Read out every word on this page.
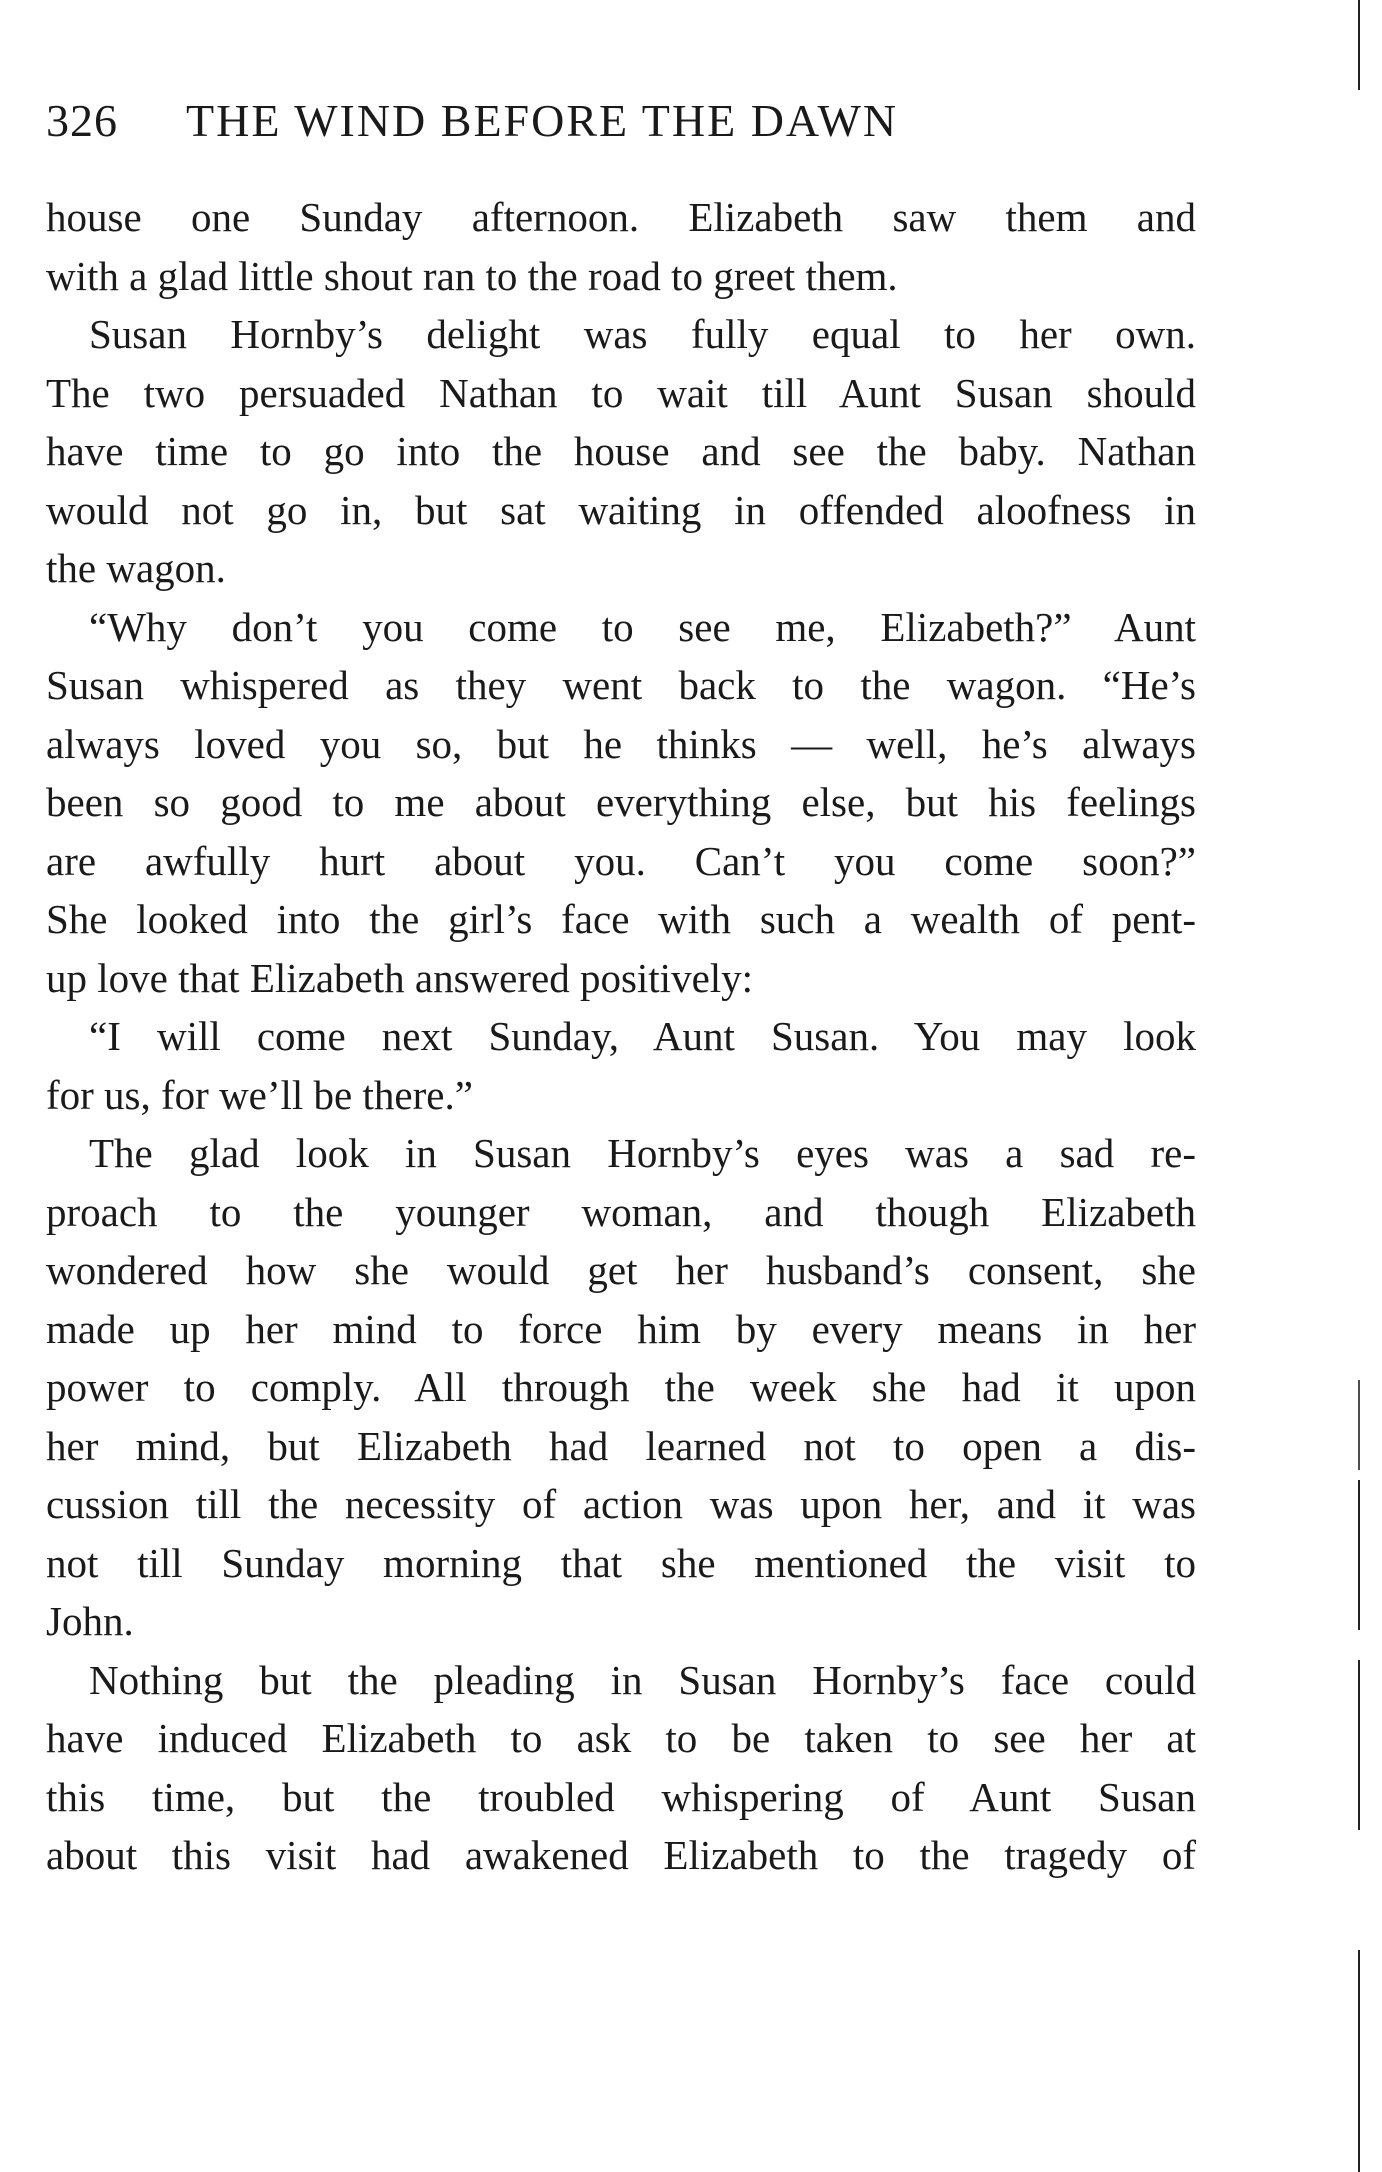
326 THE WIND BEFORE THE DAWN

house one Sunday afternoon. Elizabeth saw them and
with a glad little shout ran to the road to greet them.

Susan Hornby’s delight was fully equal to her own.
The two persuaded Nathan to wait till Aunt Susan should
have time to go into the house and see the baby. Nathan
would not go in, but sat waiting in offended aloofness in
the wagon.

“Why don’t you come to see me, Elizabeth?” Aunt
Susan whispered as they went back to the wagon. “He’s
always loved you so, but he thinks — well, he’s always
been so good to me about everything else, but his feelings
are awfully hurt about you. Can’t you come soon?”
She looked into the girl’s face with such a wealth of pent-
up love that Elizabeth answered positively:

“I will come next Sunday, Aunt Susan. You may look
for us, for we’ll be there.”

The glad look in Susan Hornby’s eyes was a sad re-
proach to the younger woman, and though Elizabeth
wondered how she would get her husband’s consent, she
made up her mind to force him by every means in her
power to comply. All through the week she had it upon
her mind, but Elizabeth had learned not to open a dis-
cussion till the necessity of action was upon her, and it was
not till Sunday morning that she mentioned the visit to
John.

Nothing but the pleading in Susan Hornby’s face could
have induced Elizabeth to ask to be taken to see her at
this time, but the troubled whispering of Aunt Susan
about this visit had awakened Elizabeth to the tragedy of
